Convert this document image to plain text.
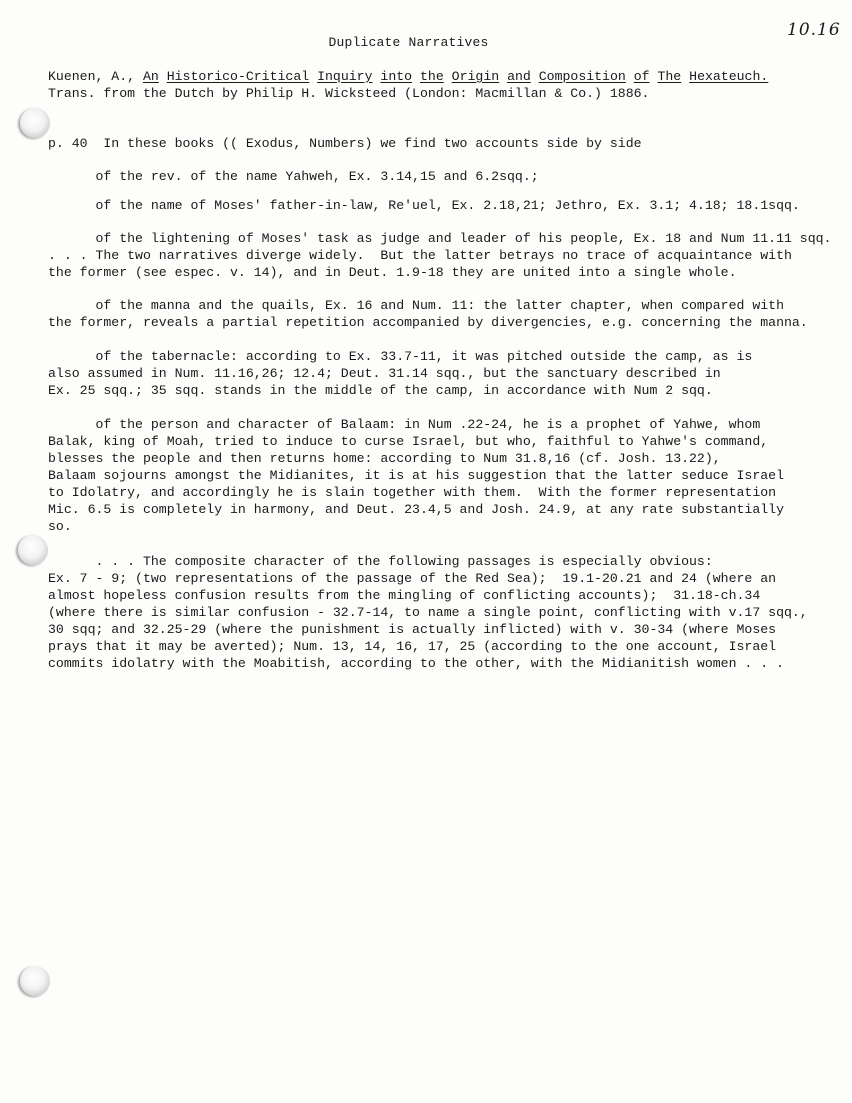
Duplicate Narratives
10.16
Kuenen, A., An Historico-Critical Inquiry into the Origin and Composition of The Hexateuch.
Trans. from the Dutch by Philip H. Wicksteed (London: Macmillan & Co.) 1886.
p. 40  In these books (( Exodus, Numbers) we find two accounts side by side
of the rev. of the name Yahweh, Ex. 3.14,15 and 6.2sqq.;
of the name of Moses' father-in-law, Re'uel, Ex. 2.18,21; Jethro, Ex. 3.1; 4.18; 18.1sqq.
of the lightening of Moses' task as judge and leader of his people, Ex. 18 and Num 11.11 sqq.
. . . The two narratives diverge widely.  But the latter betrays no trace of acquaintance with
the former (see espec. v. 14), and in Deut. 1.9-18 they are united into a single whole.
of the manna and the quails, Ex. 16 and Num. 11: the latter chapter, when compared with
the former, reveals a partial repetition accompanied by divergencies, e.g. concerning the manna.
of the tabernacle: according to Ex. 33.7-11, it was pitched outside the camp, as is
also assumed in Num. 11.16,26; 12.4; Deut. 31.14 sqq., but the sanctuary described in
Ex. 25 sqq.; 35 sqq. stands in the middle of the camp, in accordance with Num 2 sqq.
of the person and character of Balaam: in Num .22-24, he is a prophet of Yahwe, whom
Balak, king of Moah, tried to induce to curse Israel, but who, faithful to Yahwe's command,
blesses the people and then returns home: according to Num 31.8,16 (cf. Josh. 13.22),
Balaam sojourns amongst the Midianites, it is at his suggestion that the latter seduce Israel
to Idolatry, and accordingly he is slain together with them.  With the former representation
Mic. 6.5 is completely in harmony, and Deut. 23.4,5 and Josh. 24.9, at any rate substantially
so.
. . . The composite character of the following passages is especially obvious:
Ex. 7 - 9; (two representations of the passage of the Red Sea);  19.1-20.21 and 24 (where an
almost hopeless confusion results from the mingling of conflicting accounts);  31.18-ch.34
(where there is similar confusion - 32.7-14, to name a single point, conflicting with v.17 sqq.,
30 sqq; and 32.25-29 (where the punishment is actually inflicted) with v. 30-34 (where Moses
prays that it may be averted); Num. 13, 14, 16, 17, 25 (according to the one account, Israel
commits idolatry with the Moabitish, according to the other, with the Midianitish women . . .
